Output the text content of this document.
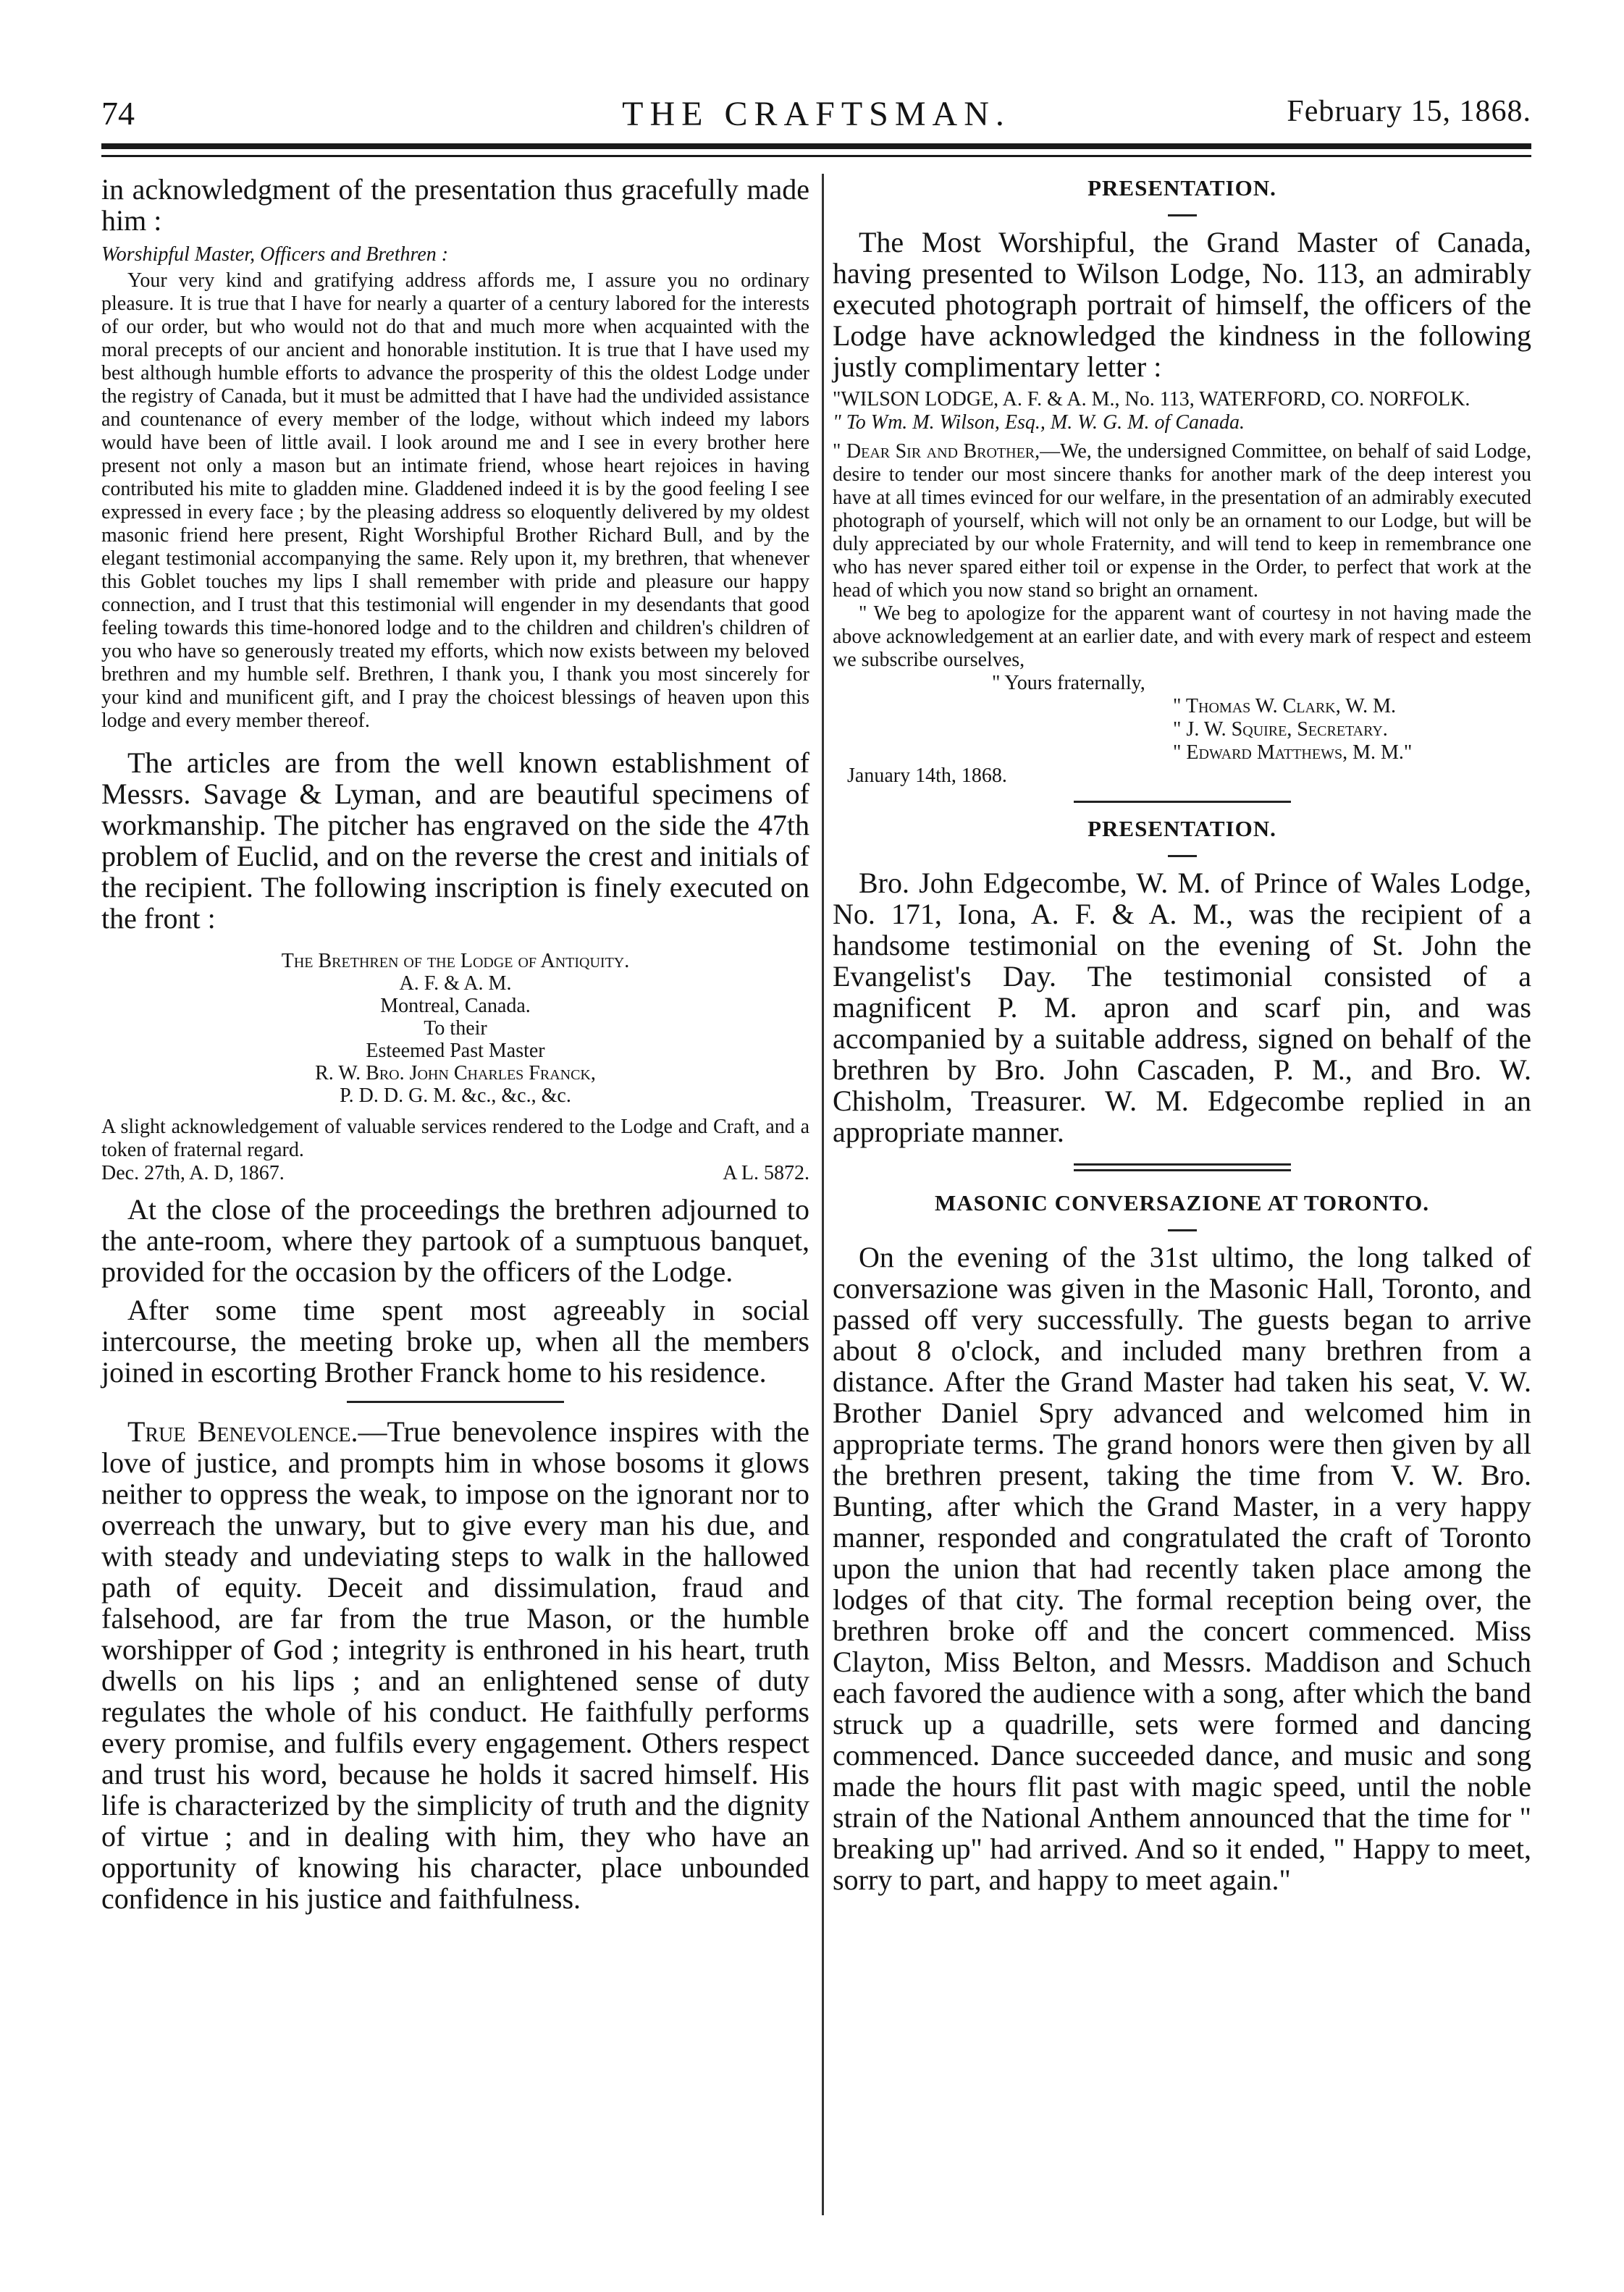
74	THE CRAFTSMAN.	February 15, 1868.

in acknowledgment of the presentation thus gracefully made him :

Worshipful Master, Officers and Brethren :

Your very kind and gratifying address affords me, I assure you no ordinary pleasure. It is true that I have for nearly a quarter of a century labored for the interests of our order, but who would not do that and much more when acquainted with the moral precepts of our ancient and honorable institution. It is true that I have used my best although humble efforts to advance the prosperity of this the oldest Lodge under the registry of Canada, but it must be admitted that I have had the undivided assistance and countenance of every member of the lodge, without which indeed my labors would have been of little avail. I look around me and I see in every brother here present not only a mason but an intimate friend, whose heart rejoices in having contributed his mite to gladden mine. Gladdened indeed it is by the good feeling I see expressed in every face ; by the pleasing address so eloquently delivered by my oldest masonic friend here present, Right Worshipful Brother Richard Bull, and by the elegant testimonial accompanying the same. Rely upon it, my brethren, that whenever this Goblet touches my lips I shall remember with pride and pleasure our happy connection, and I trust that this testimonial will engender in my desendants that good feeling towards this time-honored lodge and to the children and children's children of you who have so generously treated my efforts, which now exists between my beloved brethren and my humble self. Brethren, I thank you, I thank you most sincerely for your kind and munificent gift, and I pray the choicest blessings of heaven upon this lodge and every member thereof.

The articles are from the well known establishment of Messrs. Savage & Lyman, and are beautiful specimens of workmanship. The pitcher has engraved on the side the 47th problem of Euclid, and on the reverse the crest and initials of the recipient. The following inscription is finely executed on the front :

The Brethren of the Lodge of Antiquity.
A. F. & A. M.
Montreal, Canada.
To their
Esteemed Past Master
R. W. Bro. John Charles Franck,
P. D. D. G. M. &c., &c., &c.

A slight acknowledgement of valuable services rendered to the Lodge and Craft, and a token of fraternal regard.

Dec. 27th, A. D, 1867.	A L. 5872.

At the close of the proceedings the brethren adjourned to the ante-room, where they partook of a sumptuous banquet, provided for the occasion by the officers of the Lodge.

After some time spent most agreeably in social intercourse, the meeting broke up, when all the members joined in escorting Brother Franck home to his residence.

True Benevolence.—True benevolence inspires with the love of justice, and prompts him in whose bosoms it glows neither to oppress the weak, to impose on the ignorant nor to overreach the unwary, but to give every man his due, and with steady and undeviating steps to walk in the hallowed path of equity. Deceit and dissimulation, fraud and falsehood, are far from the true Mason, or the humble worshipper of God ; integrity is enthroned in his heart, truth dwells on his lips ; and an enlightened sense of duty regulates the whole of his conduct. He faithfully performs every promise, and fulfils every engagement. Others respect and trust his word, because he holds it sacred himself. His life is characterized by the simplicity of truth and the dignity of virtue ; and in dealing with him, they who have an opportunity of knowing his character, place unbounded confidence in his justice and faithfulness.

PRESENTATION.

The Most Worshipful, the Grand Master of Canada, having presented to Wilson Lodge, No. 113, an admirably executed photograph portrait of himself, the officers of the Lodge have acknowledged the kindness in the following justly complimentary letter :

"WILSON LODGE, A. F. & A. M., No. 113, WATERFORD, CO. NORFOLK.

" To Wm. M. Wilson, Esq., M. W. G. M. of Canada.

" Dear Sir and Brother,—We, the undersigned Committee, on behalf of said Lodge, desire to tender our most sincere thanks for another mark of the deep interest you have at all times evinced for our welfare, in the presentation of an admirably executed photograph of yourself, which will not only be an ornament to our Lodge, but will be duly appreciated by our whole Fraternity, and will tend to keep in remembrance one who has never spared either toil or expense in the Order, to perfect that work at the head of which you now stand so bright an ornament.

" We beg to apologize for the apparent want of courtesy in not having made the above acknowledgement at an earlier date, and with every mark of respect and esteem we subscribe ourselves,

" Yours fraternally,

" Thomas W. Clark, W. M.

" J. W. Squire, Secretary.

" Edward Matthews, M. M."

January 14th, 1868.

PRESENTATION.

Bro. John Edgecombe, W. M. of Prince of Wales Lodge, No. 171, Iona, A. F. & A. M., was the recipient of a handsome testimonial on the evening of St. John the Evangelist's Day. The testimonial consisted of a magnificent P. M. apron and scarf pin, and was accompanied by a suitable address, signed on behalf of the brethren by Bro. John Cascaden, P. M., and Bro. W. Chisholm, Treasurer. W. M. Edgecombe replied in an appropriate manner.

MASONIC CONVERSAZIONE AT TORONTO.

On the evening of the 31st ultimo, the long talked of conversazione was given in the Masonic Hall, Toronto, and passed off very successfully. The guests began to arrive about 8 o'clock, and included many brethren from a distance. After the Grand Master had taken his seat, V. W. Brother Daniel Spry advanced and welcomed him in appropriate terms. The grand honors were then given by all the brethren present, taking the time from V. W. Bro. Bunting, after which the Grand Master, in a very happy manner, responded and congratulated the craft of Toronto upon the union that had recently taken place among the lodges of that city. The formal reception being over, the brethren broke off and the concert commenced. Miss Clayton, Miss Belton, and Messrs. Maddison and Schuch each favored the audience with a song, after which the band struck up a quadrille, sets were formed and dancing commenced. Dance succeeded dance, and music and song made the hours flit past with magic speed, until the noble strain of the National Anthem announced that the time for " breaking up" had arrived. And so it ended, " Happy to meet, sorry to part, and happy to meet again."
